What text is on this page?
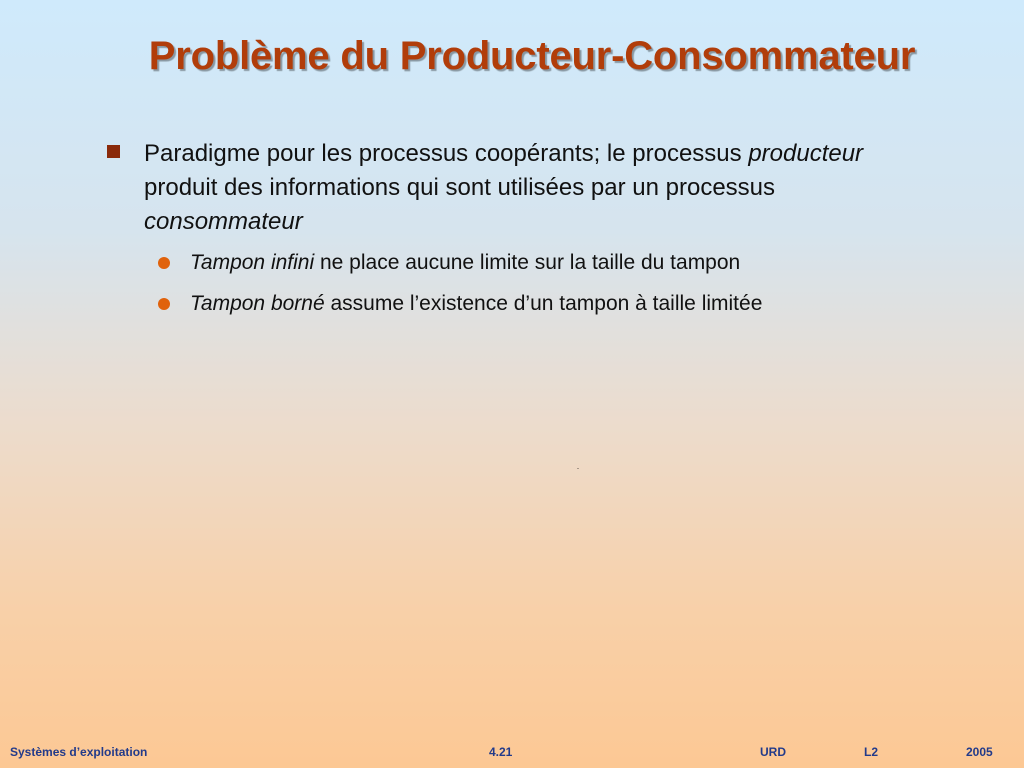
Problème du Producteur-Consommateur
Paradigme pour les processus coopérants; le processus producteur produit des informations qui sont utilisées par un processus consommateur
Tampon infini ne place aucune limite sur la taille du tampon
Tampon borné assume l’existence d’un tampon à taille limitée
Systèmes d’exploitation	4.21	URD	L2	2005
